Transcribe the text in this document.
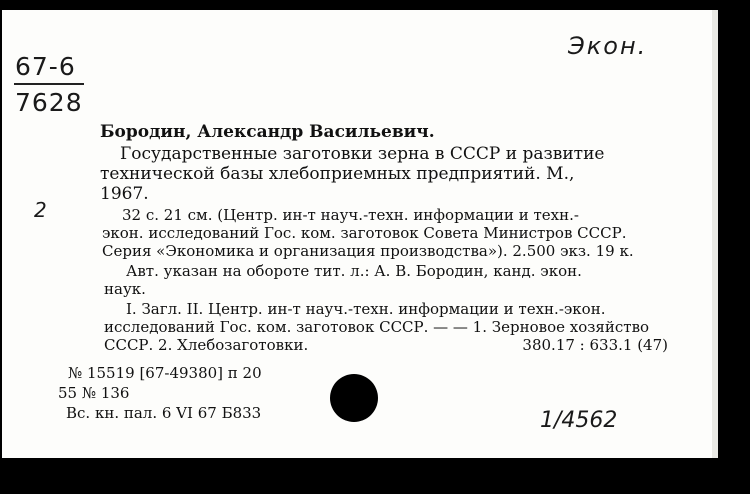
67-6
7628
Экон.
2
Бородин, Александр Васильевич.
Государственные заготовки зерна в СССР и развитие
технической базы хлебоприемных предприятий. М.,
1967.
32 с. 21 см. (Центр. ин-т науч.-техн. информации и техн.-
экон. исследований Гос. ком. заготовок Совета Министров СССР.
Серия «Экономика и организация производства»). 2.500 экз. 19 к.
Авт. указан на обороте тит. л.: А. В. Бородин, канд. экон.
наук.
I. Загл. II. Центр. ин-т науч.-техн. информации и техн.-экон.
исследований Гос. ком. заготовок СССР. — — 1. Зерновое хозяйство
СССР. 2. Хлебозаготовки.	380.17 : 633.1 (47)
№ 15519 [67-49380] п 20
55 № 136
Вс. кн. пал. 6 VI 67 Б833	1/4562
